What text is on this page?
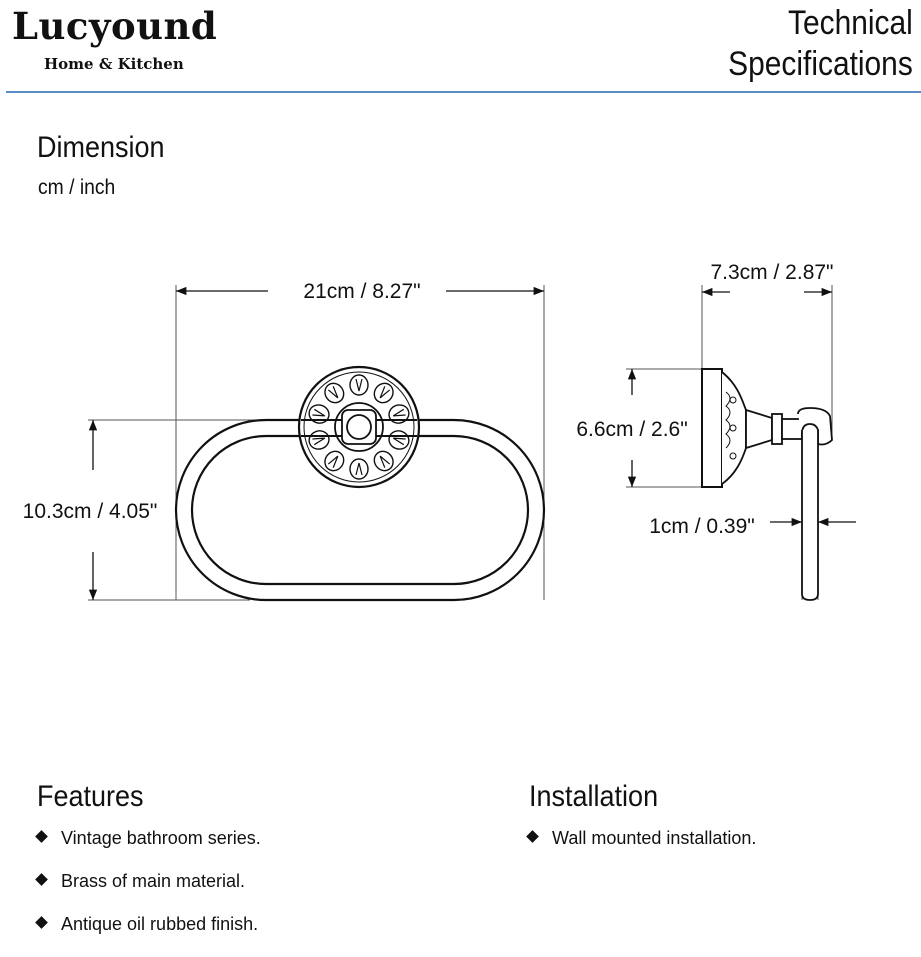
Lucyound
Home & Kitchen
Technical
Specifications
Dimension
cm / inch
21cm / 8.27"
10.3cm / 4.05"
7.3cm / 2.87"
6.6cm / 2.6"
1cm / 0.39"
Features
Vintage bathroom series.
Brass of main material.
Antique oil rubbed finish.
Installation
Wall mounted installation.
